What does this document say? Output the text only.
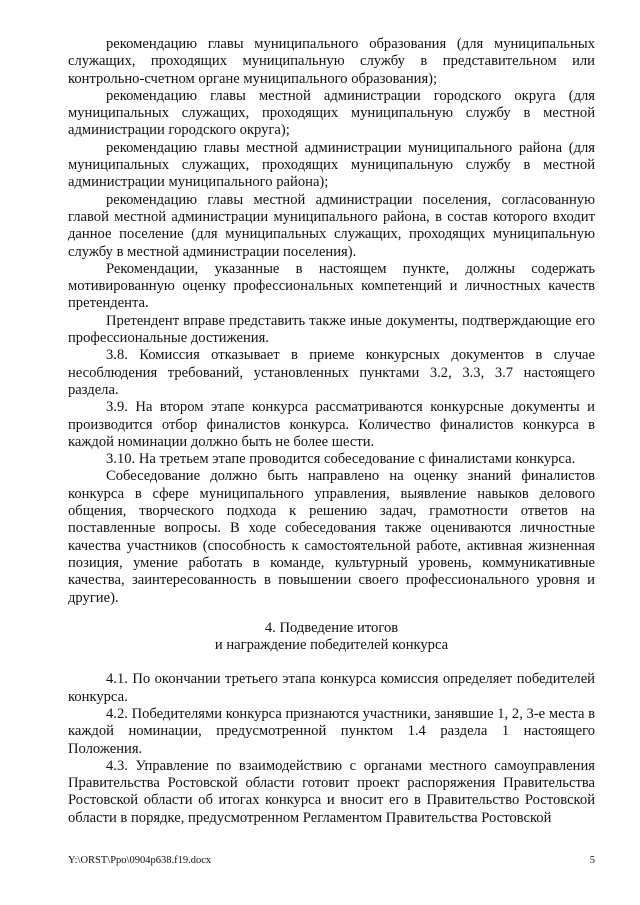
рекомендацию главы муниципального образования (для муниципальных служащих, проходящих муниципальную службу в представительном или контрольно-счетном органе муниципального образования);

рекомендацию главы местной администрации городского округа (для муниципальных служащих, проходящих муниципальную службу в местной администрации городского округа);

рекомендацию главы местной администрации муниципального района (для муниципальных служащих, проходящих муниципальную службу в местной администрации муниципального района);

рекомендацию главы местной администрации поселения, согласованную главой местной администрации муниципального района, в состав которого входит данное поселение (для муниципальных служащих, проходящих муниципальную службу в местной администрации поселения).

Рекомендации, указанные в настоящем пункте, должны содержать мотивированную оценку профессиональных компетенций и личностных качеств претендента.

Претендент вправе представить также иные документы, подтверждающие его профессиональные достижения.

3.8. Комиссия отказывает в приеме конкурсных документов в случае несоблюдения требований, установленных пунктами 3.2, 3.3, 3.7 настоящего раздела.

3.9. На втором этапе конкурса рассматриваются конкурсные документы и производится отбор финалистов конкурса. Количество финалистов конкурса в каждой номинации должно быть не более шести.

3.10. На третьем этапе проводится собеседование с финалистами конкурса.

Собеседование должно быть направлено на оценку знаний финалистов конкурса в сфере муниципального управления, выявление навыков делового общения, творческого подхода к решению задач, грамотности ответов на поставленные вопросы. В ходе собеседования также оцениваются личностные качества участников (способность к самостоятельной работе, активная жизненная позиция, умение работать в команде, культурный уровень, коммуникативные качества, заинтересованность в повышении своего профессионального уровня и другие).

4. Подведение итогов

и награждение победителей конкурса

4.1. По окончании третьего этапа конкурса комиссия определяет победителей конкурса.

4.2. Победителями конкурса признаются участники, занявшие 1, 2, 3-е места в каждой номинации, предусмотренной пунктом 1.4 раздела 1 настоящего Положения.

4.3. Управление по взаимодействию с органами местного самоуправления Правительства Ростовской области готовит проект распоряжения Правительства Ростовской области об итогах конкурса и вносит его в Правительство Ростовской области в порядке, предусмотренном Регламентом Правительства Ростовской

Y:\ORST\Ppo\0904p638.f19.docx	5
